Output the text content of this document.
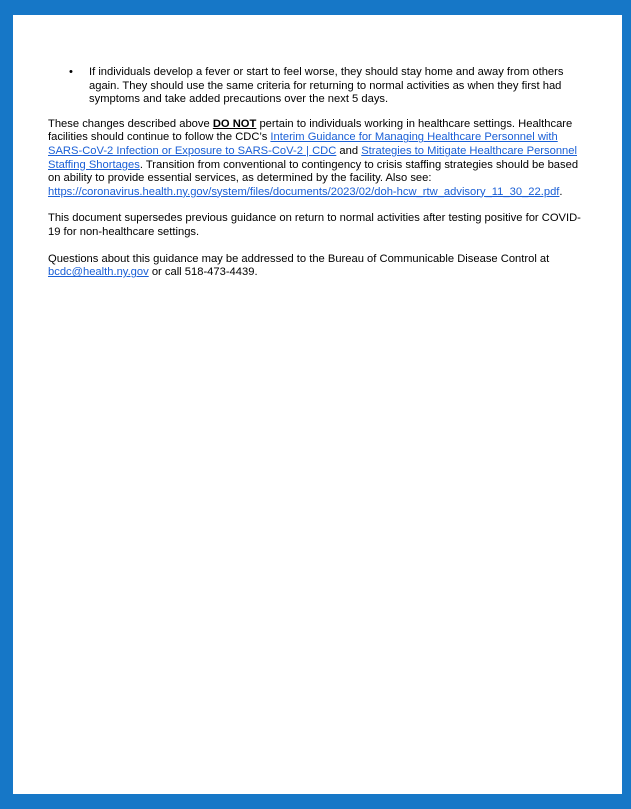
• If individuals develop a fever or start to feel worse, they should stay home and away from others again. They should use the same criteria for returning to normal activities as when they first had symptoms and take added precautions over the next 5 days.

These changes described above DO NOT pertain to individuals working in healthcare settings. Healthcare facilities should continue to follow the CDC’s Interim Guidance for Managing Healthcare Personnel with SARS-CoV-2 Infection or Exposure to SARS-CoV-2 | CDC and Strategies to Mitigate Healthcare Personnel Staffing Shortages. Transition from conventional to contingency to crisis staffing strategies should be based on ability to provide essential services, as determined by the facility. Also see: https://coronavirus.health.ny.gov/system/files/documents/2023/02/doh-hcw_rtw_advisory_11_30_22.pdf.

This document supersedes previous guidance on return to normal activities after testing positive for COVID-19 for non-healthcare settings.

Questions about this guidance may be addressed to the Bureau of Communicable Disease Control at bcdc@health.ny.gov or call 518-473-4439.
